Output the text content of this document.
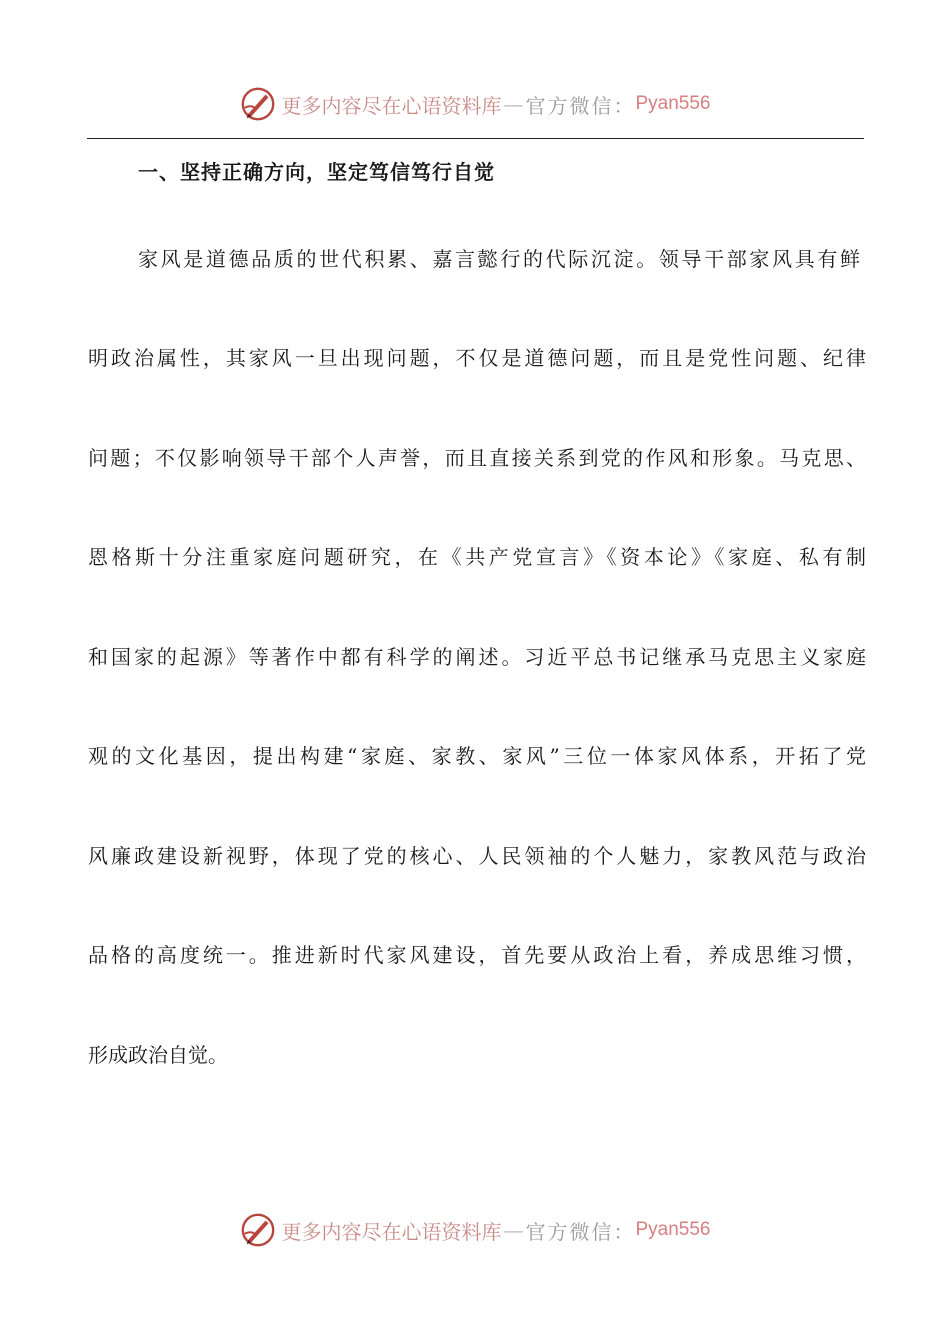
更多内容尽在心语资料库 — 官方微信： Pyan556
一、坚持正确方向，坚定笃信笃行自觉
家风是道德品质的世代积累、嘉言懿行的代际沉淀。领导干部家风具有鲜
明政治属性，其家风一旦出现问题，不仅是道德问题，而且是党性问题、纪律
问题；不仅影响领导干部个人声誉，而且直接关系到党的作风和形象。马克思、
恩格斯十分注重家庭问题研究，在《共产党宣言》《资本论》《家庭、私有制
和国家的起源》等著作中都有科学的阐述。习近平总书记继承马克思主义家庭
观的文化基因，提出构建“家庭、家教、家风”三位一体家风体系，开拓了党
风廉政建设新视野，体现了党的核心、人民领袖的个人魅力，家教风范与政治
品格的高度统一。推进新时代家风建设，首先要从政治上看，养成思维习惯，
形成政治自觉。
更多内容尽在心语资料库 — 官方微信： Pyan556
